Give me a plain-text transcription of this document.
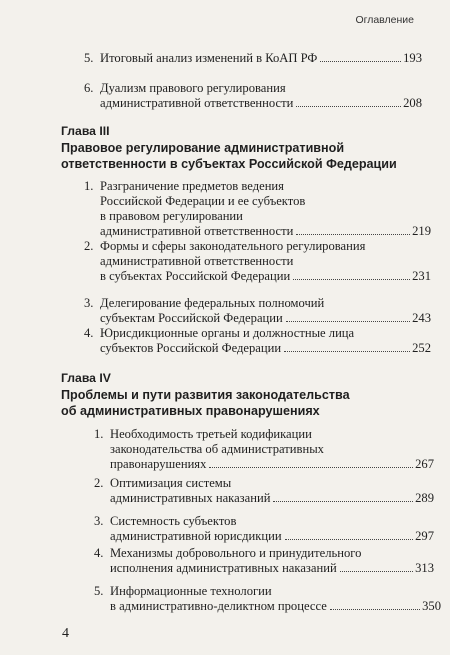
Оглавление
5. Итоговый анализ изменений в КоАП РФ	193
6. Дуализм правового регулирования
административной ответственности	208
Глава III
Правовое регулирование административной
ответственности в субъектах Российской Федерации
1. Разграничение предметов ведения
Российской Федерации и ее субъектов
в правовом регулировании
административной ответственности	219
2. Формы и сферы законодательного регулирования
административной ответственности
в субъектах Российской Федерации	231
3. Делегирование федеральных полномочий
субъектам Российской Федерации	243
4. Юрисдикционные органы и должностные лица
субъектов Российской Федерации	252
Глава IV
Проблемы и пути развития законодательства
об административных правонарушениях
1. Необходимость третьей кодификации
законодательства об административных
правонарушениях	267
2. Оптимизация системы
административных наказаний	289
3. Системность субъектов
административной юрисдикции	297
4. Механизмы добровольного и принудительного
исполнения административных наказаний	313
5. Информационные технологии
в административно-деликтном процессе	350
4
